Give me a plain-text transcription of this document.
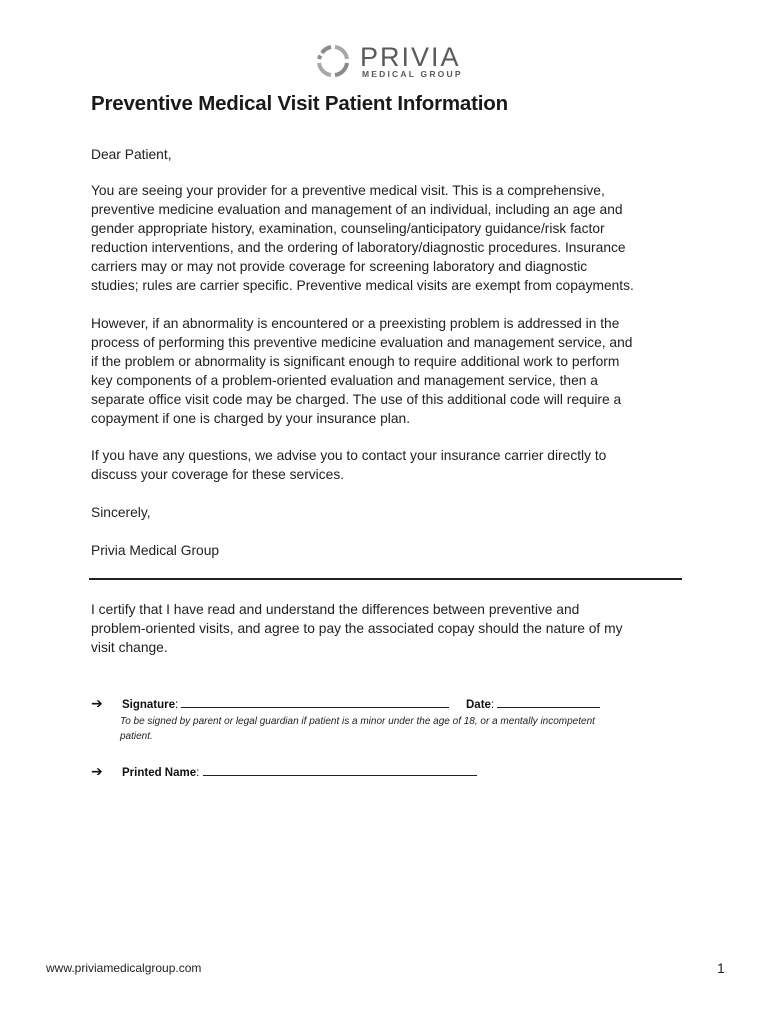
PRIVIA
MEDICAL GROUP
Preventive Medical Visit Patient Information

Dear Patient,

You are seeing your provider for a preventive medical visit. This is a comprehensive,
preventive medicine evaluation and management of an individual, including an age and
gender appropriate history, examination, counseling/anticipatory guidance/risk factor
reduction interventions, and the ordering of laboratory/diagnostic procedures. Insurance
carriers may or may not provide coverage for screening laboratory and diagnostic
studies; rules are carrier specific. Preventive medical visits are exempt from copayments.

However, if an abnormality is encountered or a preexisting problem is addressed in the
process of performing this preventive medicine evaluation and management service, and
if the problem or abnormality is significant enough to require additional work to perform
key components of a problem-oriented evaluation and management service, then a
separate office visit code may be charged. The use of this additional code will require a
copayment if one is charged by your insurance plan.

If you have any questions, we advise you to contact your insurance carrier directly to
discuss your coverage for these services.

Sincerely,

Privia Medical Group

I certify that I have read and understand the differences between preventive and
problem-oriented visits, and agree to pay the associated copay should the nature of my
visit change.

➔ Signature:	Date:
To be signed by parent or legal guardian if patient is a minor under the age of 18, or a mentally incompetent
patient.
➔ Printed Name:
www.priviamedicalgroup.com	1
